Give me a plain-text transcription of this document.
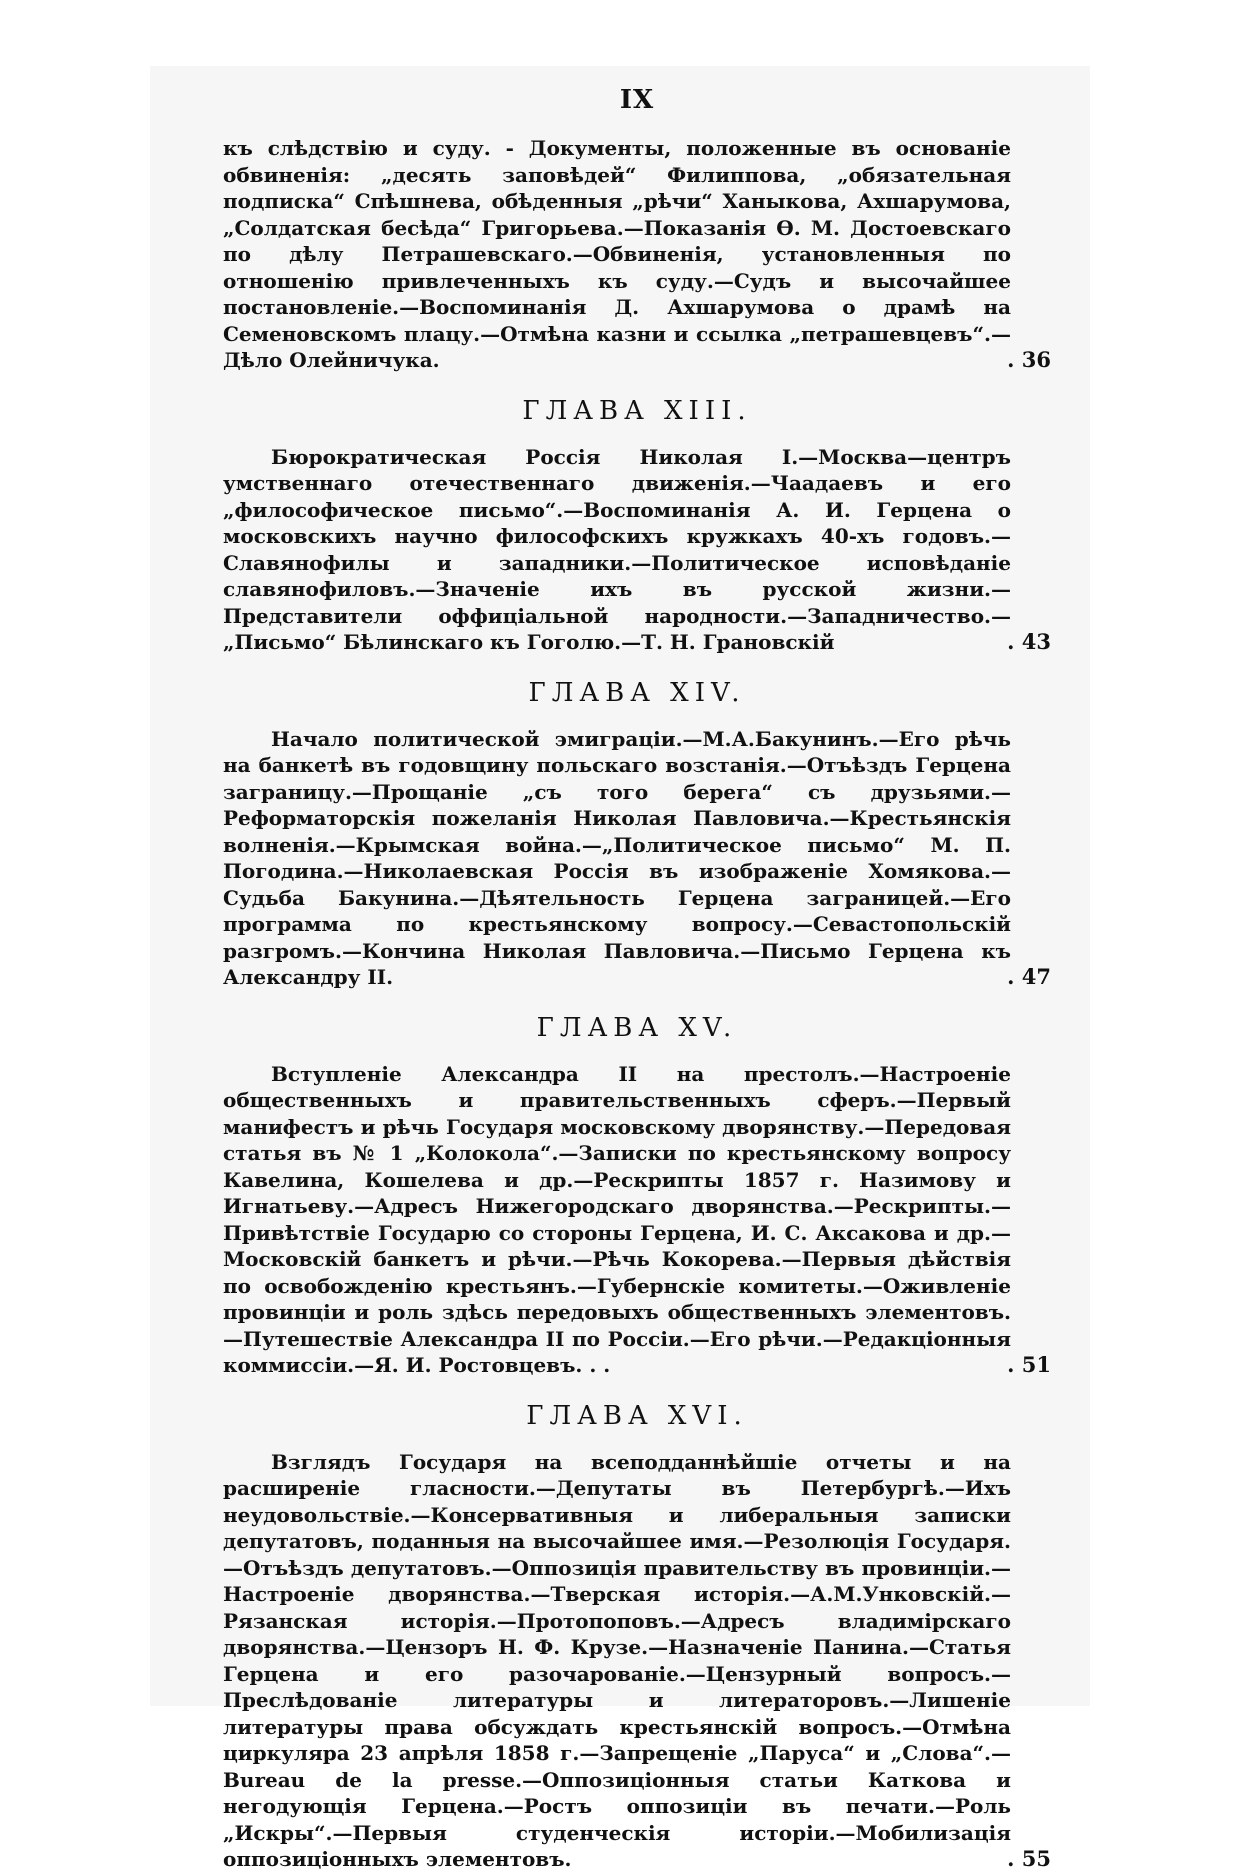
IX

къ слѣдствію и суду. - Документы, положенные въ основаніе обвиненія: „десять заповѣдей“ Филиппова, „обязательная подписка“ Спѣшнева, обѣденныя „рѣчи“ Ханыкова, Ахшарумова, „Солдатская бесѣда“ Григорьева.—Показанія Ѳ. М. Достоевскаго по дѣлу Петрашевскаго.—Обвиненія, установленныя по отношенію привлеченныхъ къ суду.—Судъ и высочайшее постановленіе.—Воспоминанія Д. Ахшарумова о драмѣ на Семеновскомъ плацу.—Отмѣна казни и ссылка „петрашевцевъ“.—Дѣло Олейничука.	. 36
ГЛАВА XIII.

Бюрократическая Россія Николая I.—Москва—центръ умственнаго отечественнаго движенія.—Чаадаевъ и его „философическое письмо“.—Воспоминанія А. И. Герцена о московскихъ научно философскихъ кружкахъ 40-хъ годовъ.—Славянофилы и западники.—Политическое исповѣданіе славянофиловъ.—Значеніе ихъ въ русской жизни.—Представители оффиціальной народности.—Западничество.—„Письмо“ Бѣлинскаго къ Гоголю.—Т. Н. Грановскій	. 43
ГЛАВА XIV.

Начало политической эмиграціи.—М.А.Бакунинъ.—Его рѣчь на банкетѣ въ годовщину польскаго возстанія.—Отъѣздъ Герцена заграницу.—Прощаніе „съ того берега“ съ друзьями.—Реформаторскія пожеланія Николая Павловича.—Крестьянскія волненія.—Крымская война.—„Политическое письмо“ М. П. Погодина.—Николаевская Россія въ изображеніе Хомякова.—Судьба Бакунина.—Дѣятельность Герцена заграницей.—Его программа по крестьянскому вопросу.—Севастопольскій разгромъ.—Кончина Николая Павловича.—Письмо Герцена къ Александру II.	. 47
ГЛАВА XV.

Вступленіе Александра II на престолъ.—Настроеніе общественныхъ и правительственныхъ сферъ.—Первый манифестъ и рѣчь Государя московскому дворянству.—Передовая статья въ № 1 „Колокола“.—Записки по крестьянскому вопросу Кавелина, Кошелева и др.—Рескрипты 1857 г. Назимову и Игнатьеву.—Адресъ Нижегородскаго дворянства.—Рескрипты.—Привѣтствіе Государю со стороны Герцена, И. С. Аксакова и др.—Московскій банкетъ и рѣчи.—Рѣчь Кокорева.—Первыя дѣйствія по освобожденію крестьянъ.—Губернскіе комитеты.—Оживленіе провинціи и роль здѣсь передовыхъ общественныхъ элементовъ.—Путешествіе Александра II по Россіи.—Его рѣчи.—Редакціонныя коммиссіи.—Я. И. Ростовцевъ. . .	. 51
ГЛАВА XVI.

Взглядъ Государя на всеподданнѣйшіе отчеты и на расширеніе гласности.—Депутаты въ Петербургѣ.—Ихъ неудовольствіе.—Консервативныя и либеральныя записки депутатовъ, поданныя на высочайшее имя.—Резолюція Государя.—Отъѣздъ депутатовъ.—Оппозиція правительству въ провинціи.—Настроеніе дворянства.—Тверская исторія.—А.М.Унковскій.—Рязанская исторія.—Протопоповъ.—Адресъ владимірскаго дворянства.—Цензоръ Н. Ф. Крузе.—Назначеніе Панина.—Статья Герцена и его разочарованіе.—Цензурный вопросъ.—Преслѣдованіе литературы и литераторовъ.—Лишеніе литературы права обсуждать крестьянскій вопросъ.—Отмѣна циркуляра 23 апрѣля 1858 г.—Запрещеніе „Паруса“ и „Слова“.—Bureau de la presse.—Оппозиціонныя статьи Каткова и негодующія Герцена.—Ростъ оппозиціи въ печати.—Роль „Искры“.—Первыя студенческія исторіи.—Мобилизація оппозиціонныхъ элементовъ.	. 55
